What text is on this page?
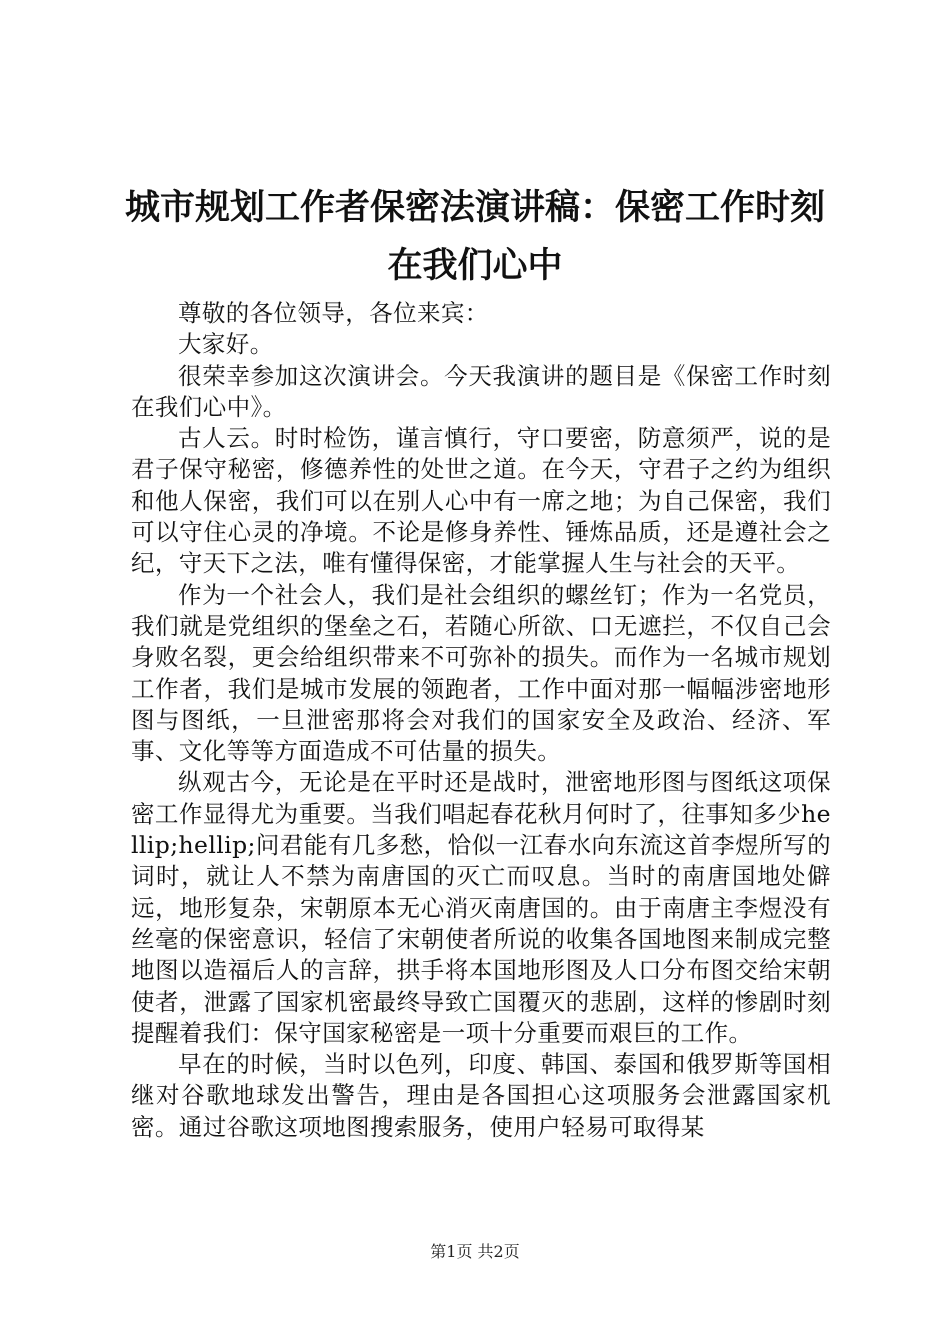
城市规划工作者保密法演讲稿：保密工作时刻
在我们心中

尊敬的各位领导，各位来宾：

大家好。

很荣幸参加这次演讲会。今天我演讲的题目是《保密工作时刻在我们心中》。

古人云。时时检饬，谨言慎行，守口要密，防意须严，说的是君子保守秘密，修德养性的处世之道。在今天，守君子之约为组织和他人保密，我们可以在别人心中有一席之地；为自己保密，我们可以守住心灵的净境。不论是修身养性、锤炼品质，还是遵社会之纪，守天下之法，唯有懂得保密，才能掌握人生与社会的天平。

作为一个社会人，我们是社会组织的螺丝钉；作为一名党员，我们就是党组织的堡垒之石，若随心所欲、口无遮拦，不仅自己会身败名裂，更会给组织带来不可弥补的损失。而作为一名城市规划工作者，我们是城市发展的领跑者，工作中面对那一幅幅涉密地形图与图纸，一旦泄密那将会对我们的国家安全及政治、经济、军事、文化等等方面造成不可估量的损失。

纵观古今，无论是在平时还是战时，泄密地形图与图纸这项保密工作显得尤为重要。当我们唱起春花秋月何时了，往事知多少hellip;hellip;问君能有几多愁，恰似一江春水向东流这首李煜所写的词时，就让人不禁为南唐国的灭亡而叹息。当时的南唐国地处僻远，地形复杂，宋朝原本无心消灭南唐国的。由于南唐主李煜没有丝毫的保密意识，轻信了宋朝使者所说的收集各国地图来制成完整地图以造福后人的言辞，拱手将本国地形图及人口分布图交给宋朝使者，泄露了国家机密最终导致亡国覆灭的悲剧，这样的惨剧时刻提醒着我们：保守国家秘密是一项十分重要而艰巨的工作。

早在的时候，当时以色列，印度、韩国、泰国和俄罗斯等国相继对谷歌地球发出警告，理由是各国担心这项服务会泄露国家机密。通过谷歌这项地图搜索服务，使用户轻易可取得某

第1页 共2页
